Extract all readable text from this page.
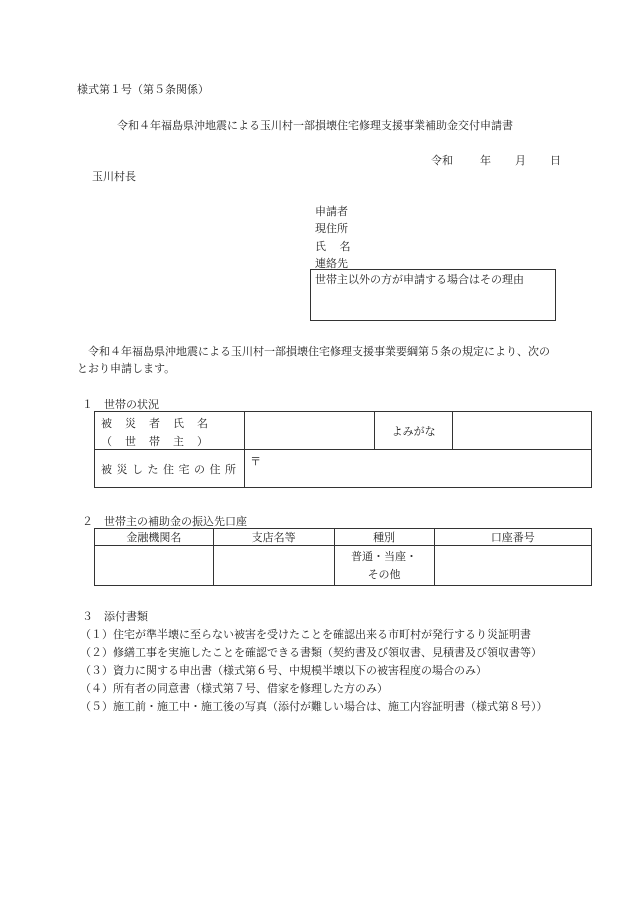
様式第１号（第５条関係）
令和４年福島県沖地震による玉川村一部損壊住宅修理支援事業補助金交付申請書
令和 年 月 日
玉川村長
申請者
現住所
氏 名
連絡先
世帯主以外の方が申請する場合はその理由
令和４年福島県沖地震による玉川村一部損壊住宅修理支援事業要綱第５条の規定により、次の
とおり申請します。
１　世帯の状況
被災者氏名
（世帯主）		よみがな	
被災した住宅の住所	〒		
２　世帯主の補助金の振込先口座
金融機関名	支店名等	種別	口座番号

		普通・当座・
その他	

３　添付書類
（１）住宅が準半壊に至らない被害を受けたことを確認出来る市町村が発行するり災証明書
（２）修繕工事を実施したことを確認できる書類（契約書及び領収書、見積書及び領収書等）
（３）資力に関する申出書（様式第６号、中規模半壊以下の被害程度の場合のみ）
（４）所有者の同意書（様式第７号、借家を修理した方のみ）
（５）施工前・施工中・施工後の写真（添付が難しい場合は、施工内容証明書（様式第８号））
